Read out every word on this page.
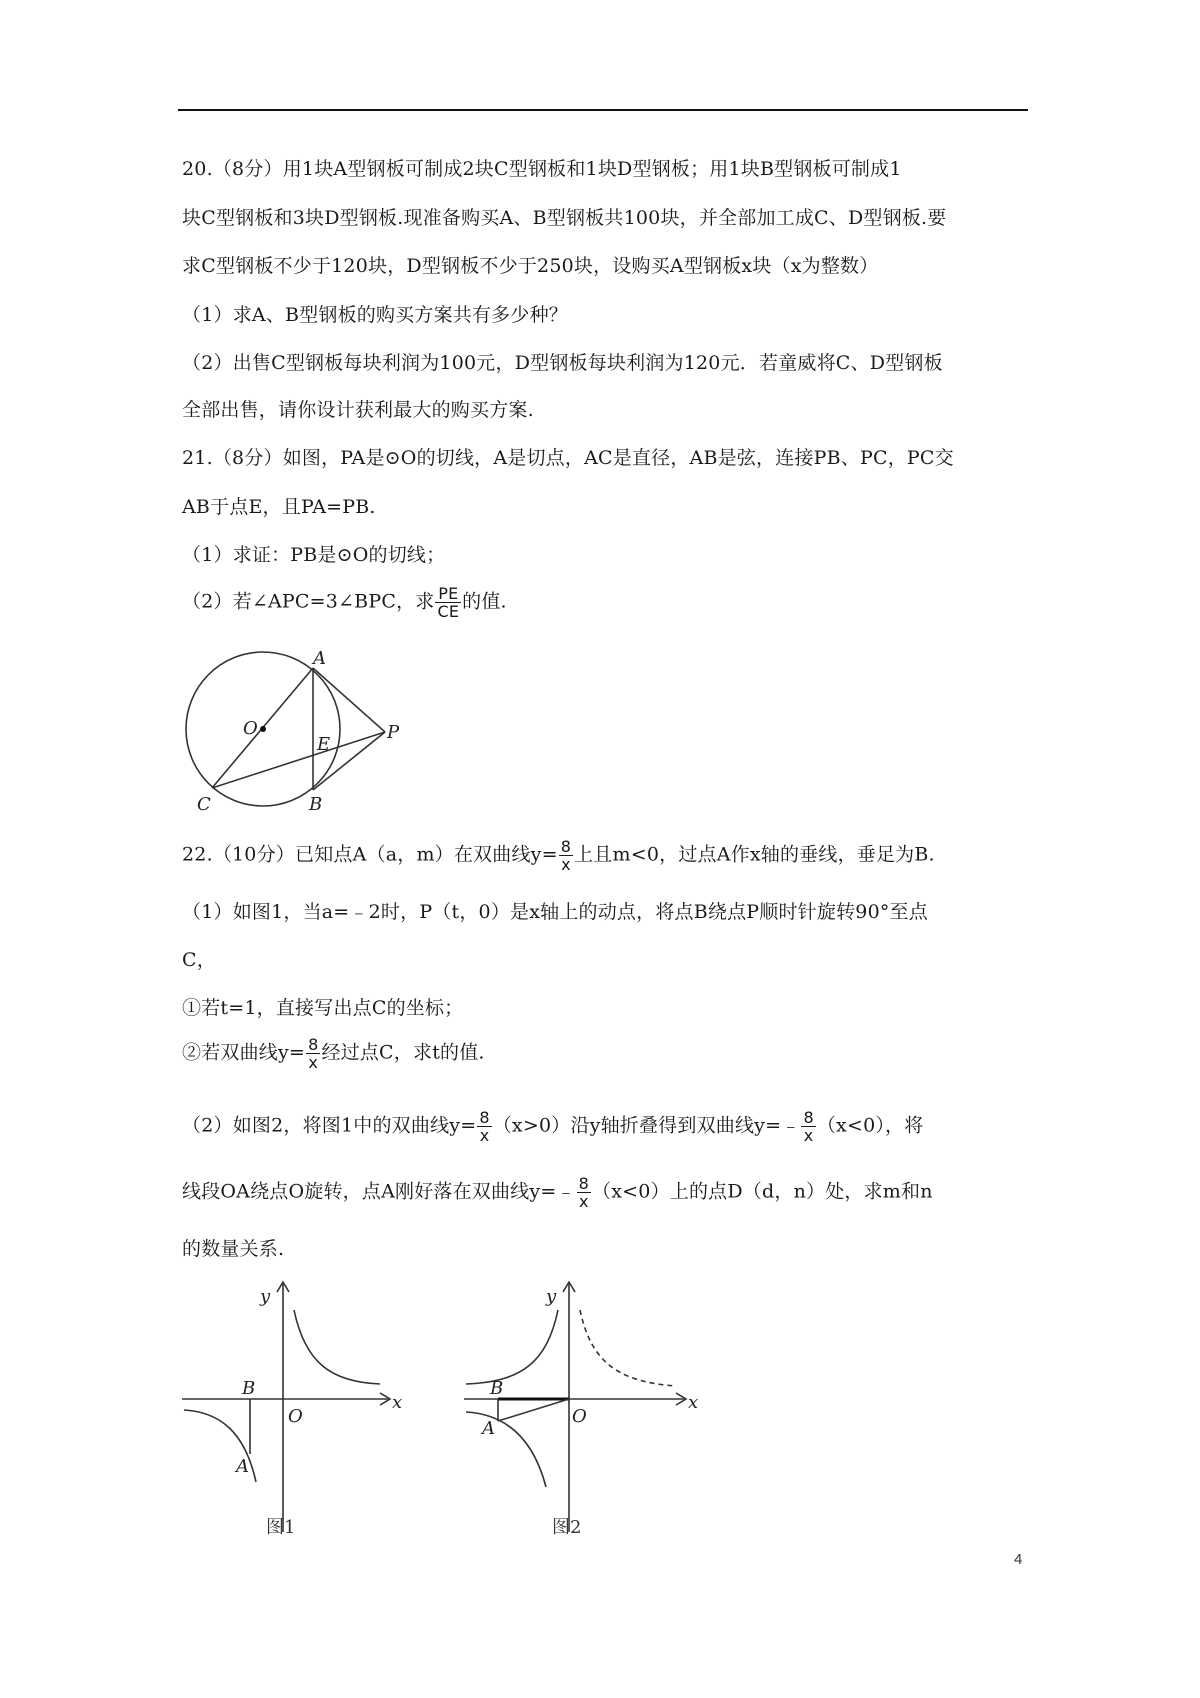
20.（8分）用1块A型钢板可制成2块C型钢板和1块D型钢板；用1块B型钢板可制成1
块C型钢板和3块D型钢板.现准备购买A、B型钢板共100块，并全部加工成C、D型钢板.要
求C型钢板不少于120块，D型钢板不少于250块，设购买A型钢板x块（x为整数）
（1）求A、B型钢板的购买方案共有多少种？
（2）出售C型钢板每块利润为100元，D型钢板每块利润为120元．若童威将C、D型钢板
全部出售，请你设计获利最大的购买方案.
21.（8分）如图，PA是⊙O的切线，A是切点，AC是直径，AB是弦，连接PB、PC，PC交
AB于点E，且PA=PB.
（1）求证：PB是⊙O的切线；
（2）若∠APC=3∠BPC，求 $\frac{PE}{CE}$ 的值.
A
O
E
P
C	B
22.（10分）已知点A（a，m）在双曲线$y= \frac{8}{x}$ 上且m<0，过点A作x轴的垂线，垂足为B.
（1）如图1，当a=﹣2时，P（t，0）是x轴上的动点，将点B绕点P顺时针旋转90°至点
C，
①若t=1，直接写出点C的坐标；
②若双曲线$y= \frac{8}{x}$ 经过点C，求t的值.
（2）如图2，将图1中的双曲线$y= \frac{8}{x} (x>0)$沿y轴折叠得到双曲线y=﹣ $\frac{8}{x} (x<0)$，将
线段OA绕点O旋转，点A刚好落在双曲线y=﹣ $\frac{8}{x} (x<0)$上的点D（d，n）处，求m和n
的数量关系.
y
x
B
O
A
图1
y
x
B
O
A
图2
4
